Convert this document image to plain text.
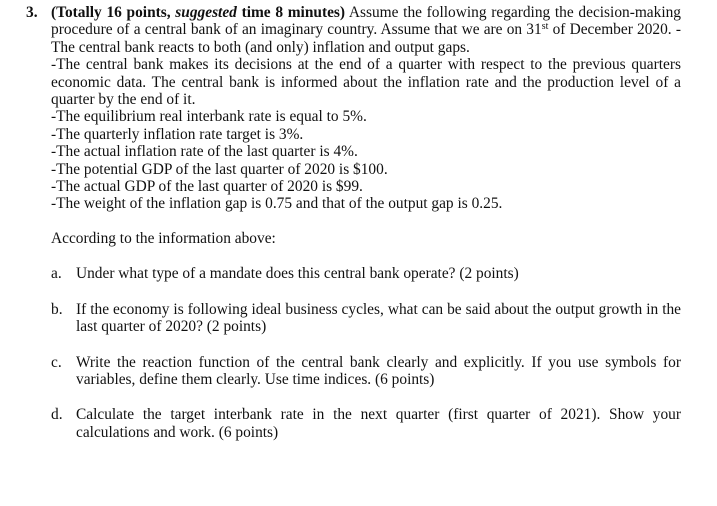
3. (Totally 16 points, suggested time 8 minutes) Assume the following regarding the decision-making procedure of a central bank of an imaginary country. Assume that we are on 31st of December 2020. -The central bank reacts to both (and only) inflation and output gaps.
-The central bank makes its decisions at the end of a quarter with respect to the previous quarters economic data. The central bank is informed about the inflation rate and the production level of a quarter by the end of it.
-The equilibrium real interbank rate is equal to 5%.
-The quarterly inflation rate target is 3%.
-The actual inflation rate of the last quarter is 4%.
-The potential GDP of the last quarter of 2020 is $100.
-The actual GDP of the last quarter of 2020 is $99.
-The weight of the inflation gap is 0.75 and that of the output gap is 0.25.
According to the information above:
a. Under what type of a mandate does this central bank operate? (2 points)
b. If the economy is following ideal business cycles, what can be said about the output growth in the last quarter of 2020? (2 points)
c. Write the reaction function of the central bank clearly and explicitly. If you use symbols for variables, define them clearly. Use time indices. (6 points)
d. Calculate the target interbank rate in the next quarter (first quarter of 2021). Show your calculations and work. (6 points)
